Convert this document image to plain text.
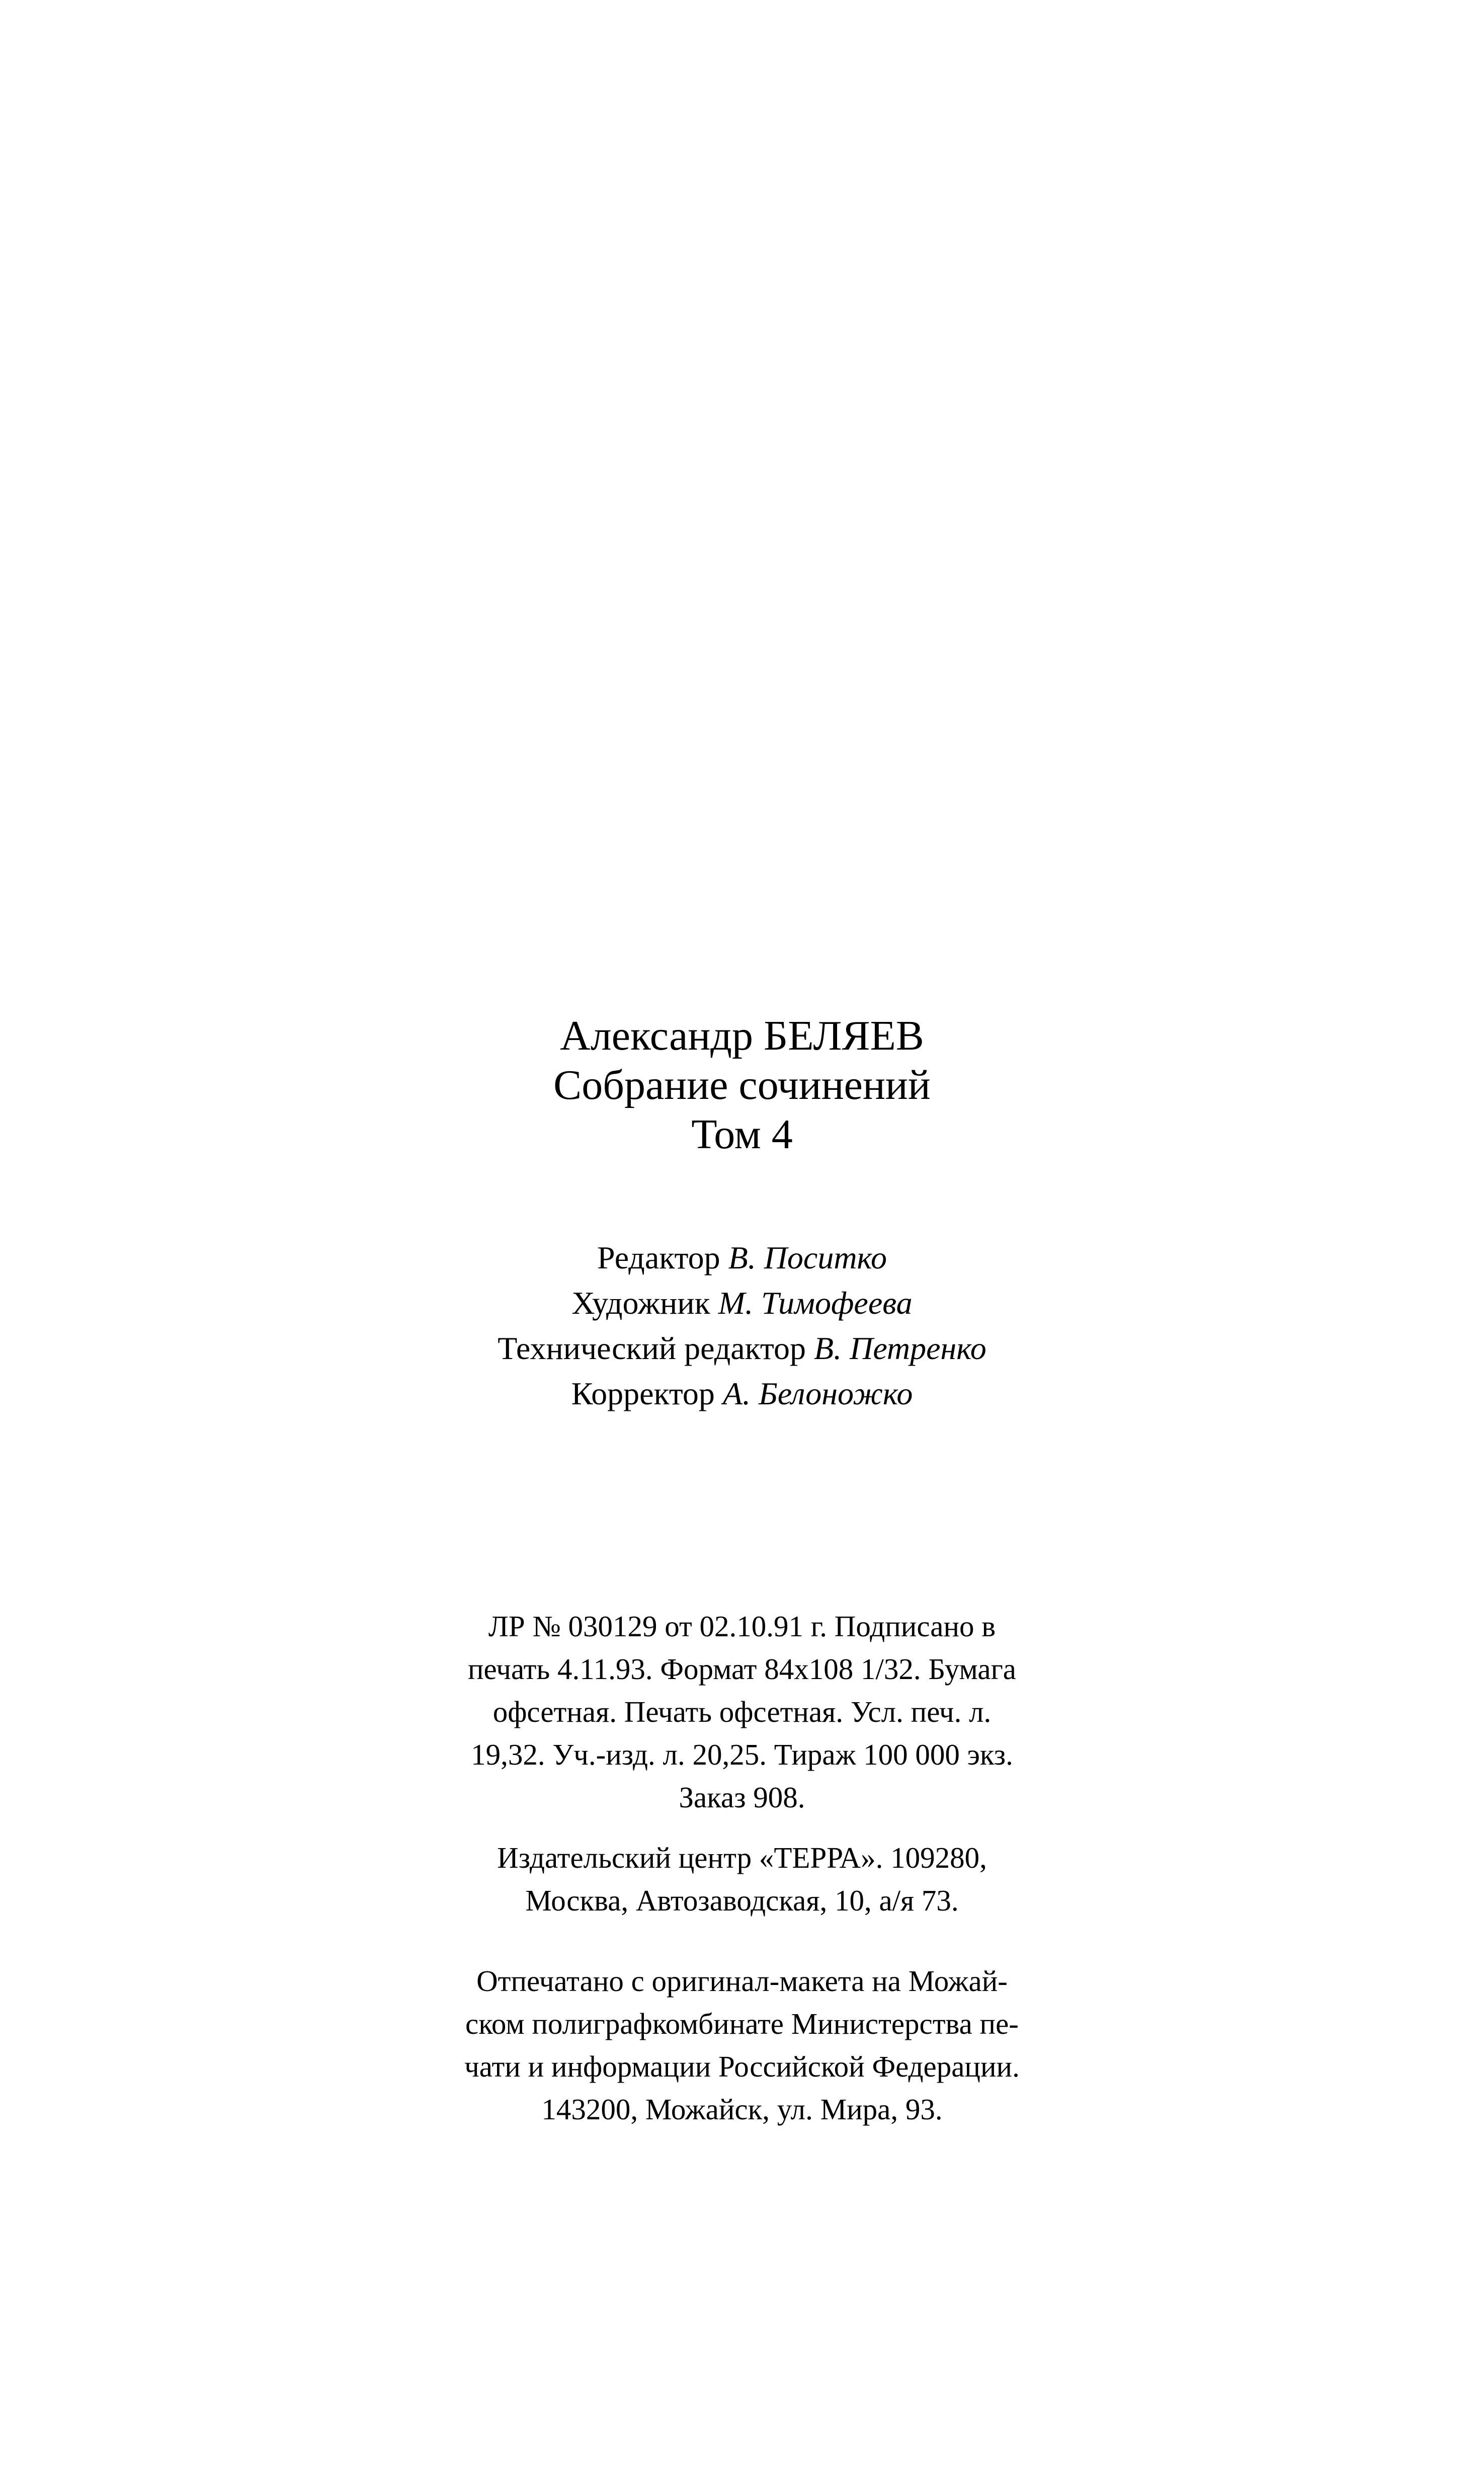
Александр БЕЛЯЕВ
Собрание сочинений
Том 4
Редактор В. Поситко
Художник М. Тимофеева
Технический редактор В. Петренко
Корректор А. Белоножко
ЛР № 030129 от 02.10.91 г. Подписано в
печать 4.11.93. Формат 84х108 1/32. Бумага
офсетная. Печать офсетная. Усл. печ. л.
19,32. Уч.-изд. л. 20,25. Тираж 100 000 экз.
Заказ 908.
Издательский центр «ТЕРРА». 109280,
Москва, Автозаводская, 10, а/я 73.
Отпечатано с оригинал-макета на Можай-
ском полиграфкомбинате Министерства пе-
чати и информации Российской Федерации.
143200, Можайск, ул. Мира, 93.
